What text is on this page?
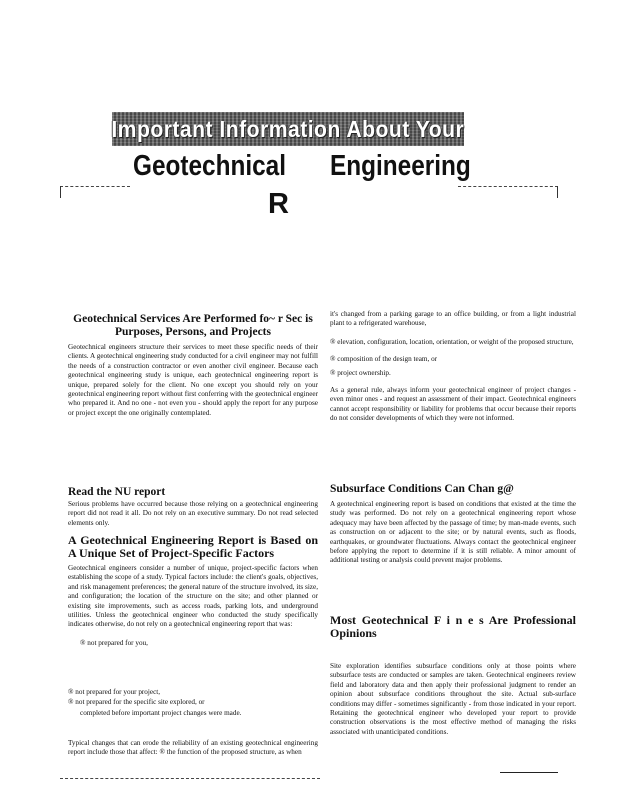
Important Information About Your
Geotechnical Engineering
R
Geotechnical Services Are Performed fo~ r Sec is Purposes, Persons, and Projects

Geotechnical engineers structure their services to meet these specific needs of their clients. A geotechnical engineering study conducted for a civil engineer may not fulfill the needs of a construction contractor or even another civil engineer. Because each geotechnical engineering study is unique, each geotechnical engineering report is unique, prepared solely for the client. No one except you should rely on your geotechnical engineering report without first conferring with the geotechnical engineer who prepared it. And no one - not even you - should apply the report for any purpose or project except the one originally contemplated.

Read the NU report

Serious problems have occurred because those relying on a geotechnical engineering report did not read it all. Do not rely on an executive summary. Do not read selected elements only.

A Geotechnical Engineering Report is Based on A Unique Set of Project-Specific Factors

Geotechnical engineers consider a number of unique, project-specific factors when establishing the scope of a study. Typical factors include: the client's goals, objectives, and risk management preferences; the general nature of the structure involved, its size, and configuration; the location of the structure on the site; and other planned or existing site improvements, such as access roads, parking lots, and underground utilities. Unless the geotechnical engineer who conducted the study specifically indicates otherwise, do not rely on a geotechnical engineering report that was:

® not prepared for you,

® not prepared for your project,
® not prepared for the specific site explored, or
completed before important project changes were made.

Typical changes that can erode the reliability of an existing geotechnical engineering report include those that affect: ® the function of the proposed structure, as when

it's changed from a parking garage to an office building, or from a light industrial plant to a refrigerated warehouse,

® elevation, configuration, location, orientation, or weight of the proposed structure,
® composition of the design team, or
® project ownership.

As a general rule, always inform your geotechnical engineer of project changes - even minor ones - and request an assessment of their impact. Geotechnical engineers cannot accept responsibility or liability for problems that occur because their reports do not consider developments of which they were not informed.

Subsurface Conditions Can Chan g@

A geotechnical engineering report is based on conditions that existed at the time the study was performed. Do not rely on a geotechnical engineering report whose adequacy may have been affected by the passage of time; by man-made events, such as construction on or adjacent to the site; or by natural events, such as floods, earthquakes, or groundwater fluctuations. Always contact the geotechnical engineer before applying the report to determine if it is still reliable. A minor amount of additional testing or analysis could prevent major problems.

Most Geotechnical F i n e s Are Professional Opinions

Site exploration identifies subsurface conditions only at those points where subsurface tests are conducted or samples are taken. Geotechnical engineers review field and laboratory data and then apply their professional judgment to render an opinion about subsurface conditions throughout the site. Actual sub-surface conditions may differ - sometimes significantly - from those indicated in your report. Retaining the geotechnical engineer who developed your report to provide construction observations is the most effective method of managing the risks associated with unanticipated conditions.
